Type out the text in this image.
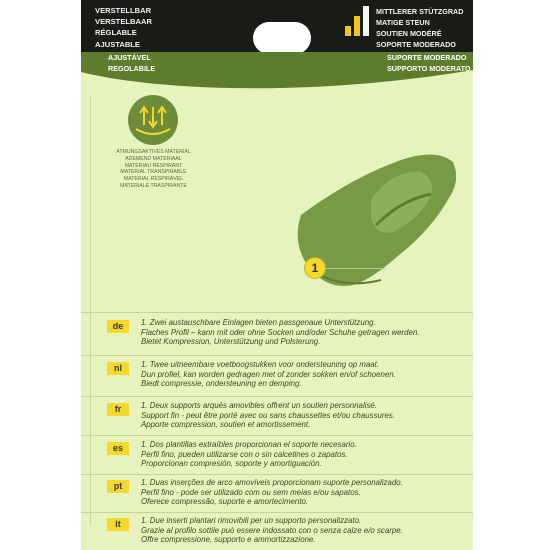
VERSTELLBAR
VERSTELBAAR
RÉGLABLE
AJUSTABLE
MITTLERER STÜTZGRAD
MATIGE STEUN
SOUTIEN MODÉRÉ
SOPORTE MODERADO
AJUSTÁVEL
REGOLABILE
SUPORTE MODERADO
SUPPORTO MODERATO
ATMUNGSAKTIVES MATERIAL
ADEMEND MATERIAAL
MATÉRIAU RESPIRANT
MATERIAL TRANSPIRABLE
MATERIAL RESPIRÁVEL
MATERIALE TRASPIRANTE
1
de	1. Zwei austauschbare Einlagen bieten passgenaue Unterstützung.
Flaches Profil – kann mit oder ohne Socken und/oder Schuhe getragen werden.
Bietet Kompression, Unterstützung und Polsterung.
nl	1. Twee uitneembare voetboogstukken voor ondersteuning op maat.
Dun profiel, kan worden gedragen met of zonder sokken en/of schoenen.
Biedt compressie, ondersteuning en demping.
fr	1. Deux supports arqués amovibles offrent un soutien personnalisé.
Support fin - peut être porté avec ou sans chaussettes et/ou chaussures.
Apporte compression, soutien et amortissement.
es	1. Dos plantillas extraíbles proporcionan el soporte necesario.
Perfil fino, pueden utilizarse con o sin calcetines o zapatos.
Proporcionan compresión, soporte y amortiguación.
pt	1. Duas inserções de arco amovíveis proporcionam suporte personalizado.
Perfil fino - pode ser utilizado com ou sem meias e/ou sapatos.
Oferece compressão, suporte e amortecimento.
it	1. Due inserti plantari rimovibili per un supporto personalizzato.
Grazie al profilo sottile può essere indossato con o senza calze e/o scarpe.
Offre compressione, supporto e ammortizzazione.
